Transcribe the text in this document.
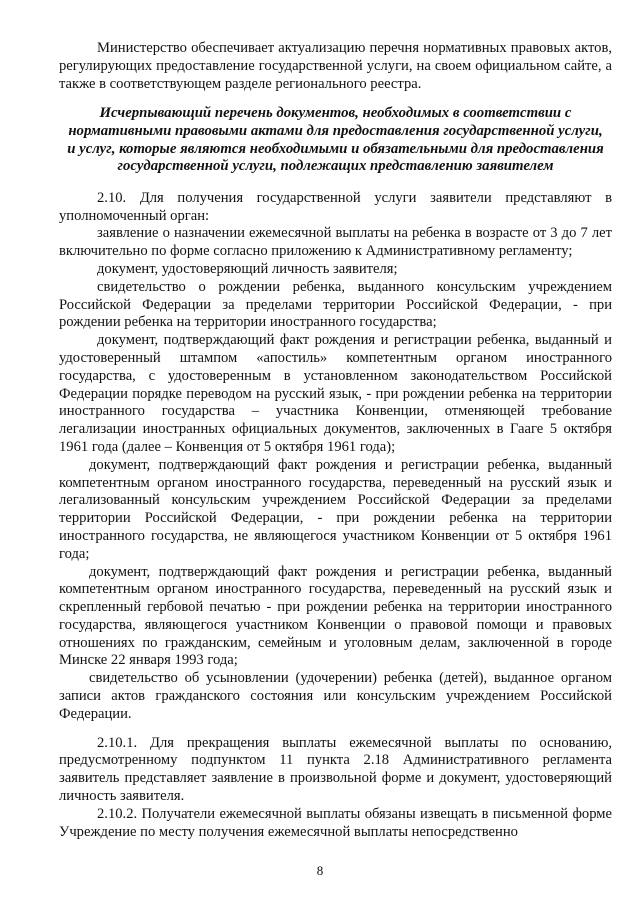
Министерство обеспечивает актуализацию перечня нормативных правовых актов, регулирующих предоставление государственной услуги, на своем официальном сайте, а также в соответствующем разделе регионального реестра.

Исчерпывающий перечень документов, необходимых в соответствии с нормативными правовыми актами для предоставления государственной услуги, и услуг, которые являются необходимыми и обязательными для предоставления государственной услуги, подлежащих представлению заявителем

2.10. Для получения государственной услуги заявители представляют в уполномоченный орган:

заявление о назначении ежемесячной выплаты на ребенка в возрасте от 3 до 7 лет включительно по форме согласно приложению к Административному регламенту;

документ, удостоверяющий личность заявителя;

свидетельство о рождении ребенка, выданного консульским учреждением Российской Федерации за пределами территории Российской Федерации, - при рождении ребенка на территории иностранного государства;

документ, подтверждающий факт рождения и регистрации ребенка, выданный и удостоверенный штампом «апостиль» компетентным органом иностранного государства, с удостоверенным в установленном законодательством Российской Федерации порядке переводом на русский язык, - при рождении ребенка на территории иностранного государства – участника Конвенции, отменяющей требование легализации иностранных официальных документов, заключенных в Гааге 5 октября 1961 года (далее – Конвенция от 5 октября 1961 года);

документ, подтверждающий факт рождения и регистрации ребенка, выданный компетентным органом иностранного государства, переведенный на русский язык и легализованный консульским учреждением Российской Федерации за пределами территории Российской Федерации, - при рождении ребенка на территории иностранного государства, не являющегося участником Конвенции от 5 октября 1961 года;

документ, подтверждающий факт рождения и регистрации ребенка, выданный компетентным органом иностранного государства, переведенный на русский язык и скрепленный гербовой печатью - при рождении ребенка на территории иностранного государства, являющегося участником Конвенции о правовой помощи и правовых отношениях по гражданским, семейным и уголовным делам, заключенной в городе Минске 22 января 1993 года;

свидетельство об усыновлении (удочерении) ребенка (детей), выданное органом записи актов гражданского состояния или консульским учреждением Российской Федерации.

2.10.1. Для прекращения выплаты ежемесячной выплаты по основанию, предусмотренному подпунктом 11 пункта 2.18 Административного регламента заявитель представляет заявление в произвольной форме и документ, удостоверяющий личность заявителя.

2.10.2. Получатели ежемесячной выплаты обязаны извещать в письменной форме Учреждение по месту получения ежемесячной выплаты непосредственно

8
